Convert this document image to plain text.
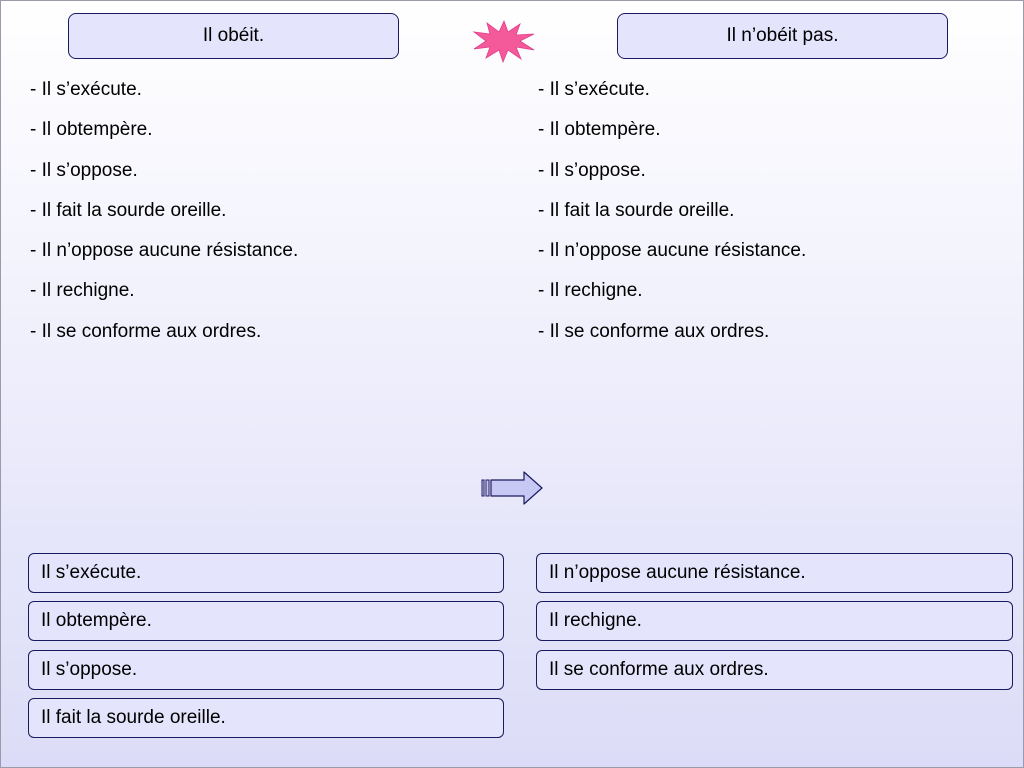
Il obéit.	Il n’obéit pas.
- Il s’exécute.
- Il obtempère.
- Il s’oppose.
- Il fait la sourde oreille.
- Il n’oppose aucune résistance.
- Il rechigne.
- Il se conforme aux ordres.
- Il s’exécute.
- Il obtempère.
- Il s’oppose.
- Il fait la sourde oreille.
- Il n’oppose aucune résistance.
- Il rechigne.
- Il se conforme aux ordres.
Il s’exécute.
Il obtempère.
Il s’oppose.
Il fait la sourde oreille.
Il n’oppose aucune résistance.
Il rechigne.
Il se conforme aux ordres.
